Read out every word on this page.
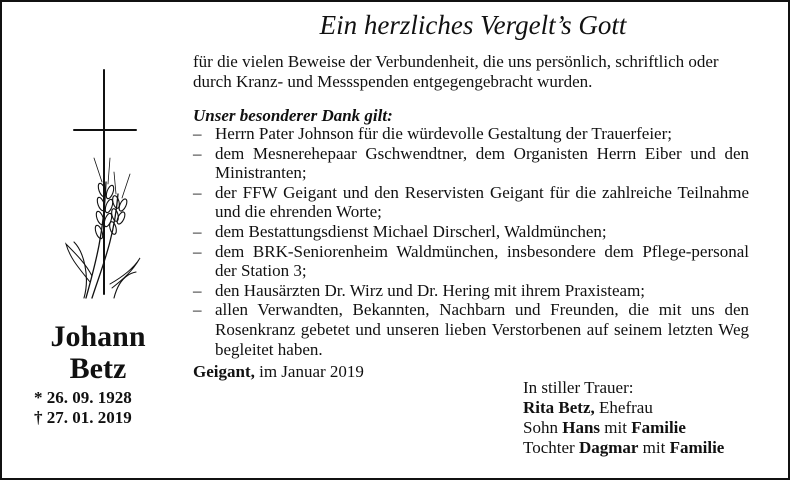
Johann
Betz
* 26. 09. 1928
† 27. 01. 2019
Ein herzliches Vergelt’s Gott
für die vielen Beweise der Verbundenheit, die uns persönlich, schriftlich oder durch Kranz- und Messspenden entgegengebracht wurden.
Unser besonderer Dank gilt:
– Herrn Pater Johnson für die würdevolle Gestaltung der Trauerfeier;
– dem Mesnerehepaar Gschwendtner, dem Organisten Herrn Eiber und den Ministranten;
– der FFW Geigant und den Reservisten Geigant für die zahlreiche Teilnahme und die ehrenden Worte;
– dem Bestattungsdienst Michael Dirscherl, Waldmünchen;
– dem BRK-Seniorenheim Waldmünchen, insbesondere dem Pflege-personal der Station 3;
– den Hausärzten Dr. Wirz und Dr. Hering mit ihrem Praxisteam;
– allen Verwandten, Bekannten, Nachbarn und Freunden, die mit uns den Rosenkranz gebetet und unseren lieben Verstorbenen auf seinem letzten Weg begleitet haben.
Geigant, im Januar 2019
In stiller Trauer:
Rita Betz, Ehefrau
Sohn Hans mit Familie
Tochter Dagmar mit Familie
